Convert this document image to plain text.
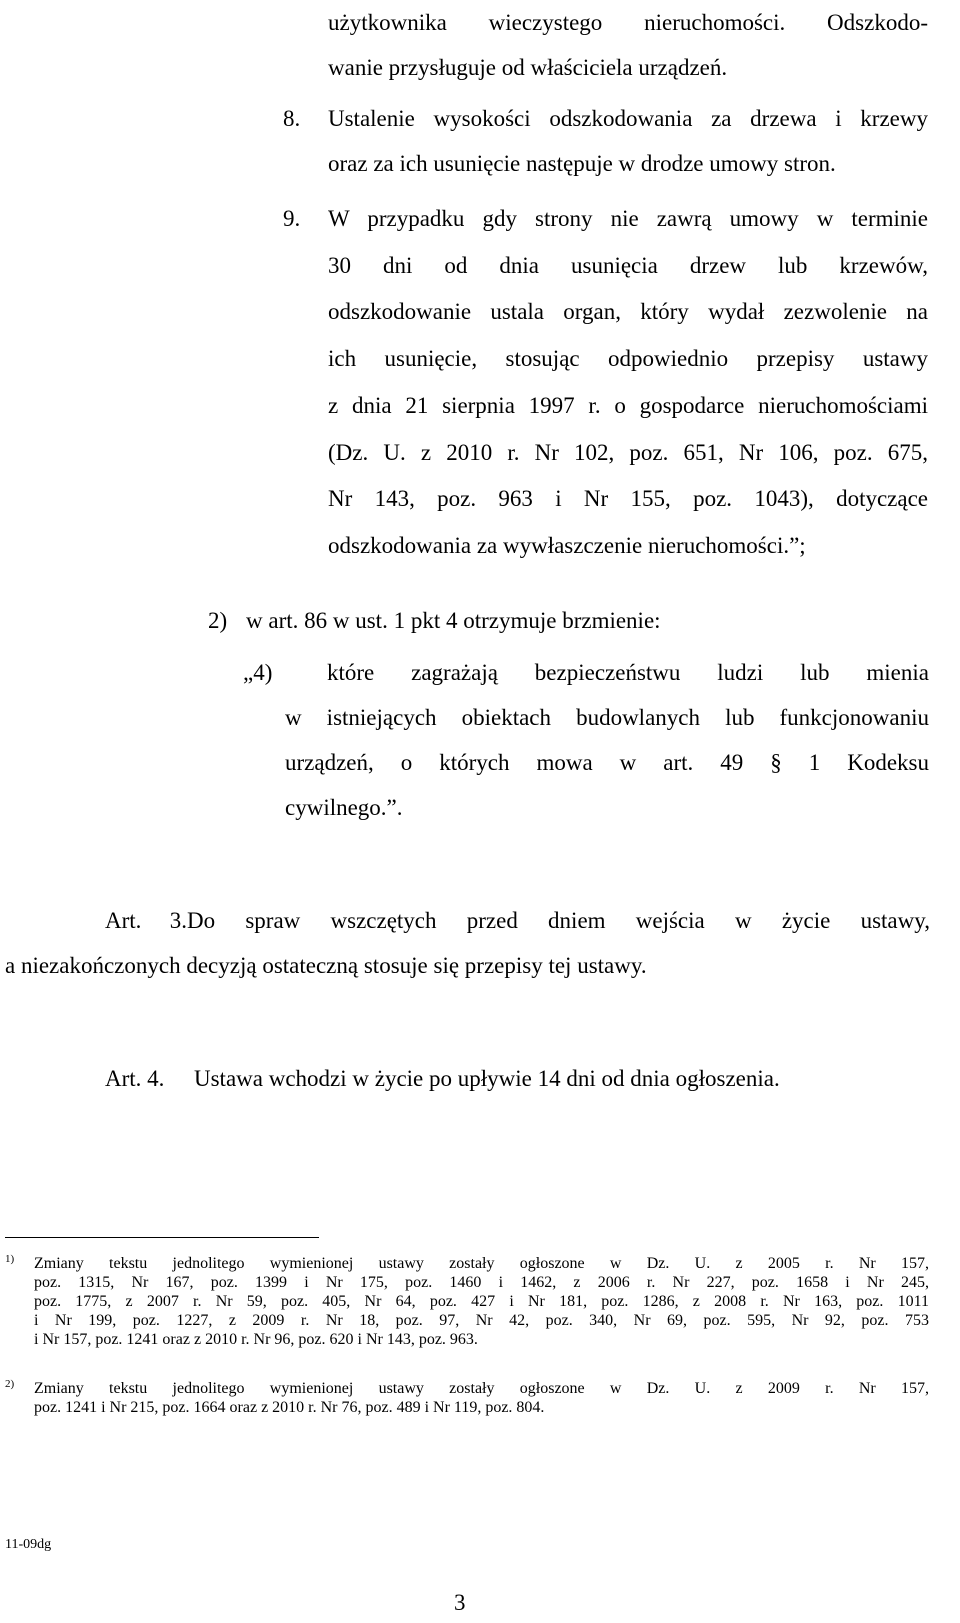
użytkownika wieczystego nieruchomości. Odszkodo-
wanie przysługuje od właściciela urządzeń.
8. Ustalenie wysokości odszkodowania za drzewa i krzewy
oraz za ich usunięcie następuje w drodze umowy stron.
9. W przypadku gdy strony nie zawrą umowy w terminie
30 dni od dnia usunięcia drzew lub krzewów,
odszkodowanie ustala organ, który wydał zezwolenie na
ich usunięcie, stosując odpowiednio przepisy ustawy
z dnia 21 sierpnia 1997 r. o gospodarce nieruchomościami
(Dz. U. z 2010 r. Nr 102, poz. 651, Nr 106, poz. 675,
Nr 143, poz. 963 i Nr 155, poz. 1043), dotyczące
odszkodowania za wywłaszczenie nieruchomości.”;
2) w art. 86 w ust. 1 pkt 4 otrzymuje brzmienie:
„4)	które zagrażają bezpieczeństwu ludzi lub mienia
w istniejących obiektach budowlanych lub funkcjonowaniu
urządzeń, o których mowa w art. 49 § 1 Kodeksu
cywilnego.”.
Art. 3.Do spraw wszczętych przed dniem wejścia w życie ustawy,
a niezakończonych decyzją ostateczną stosuje się przepisy tej ustawy.
Art. 4. Ustawa wchodzi w życie po upływie 14 dni od dnia ogłoszenia.
1) Zmiany tekstu jednolitego wymienionej ustawy zostały ogłoszone w Dz. U. z 2005 r. Nr 157,
poz. 1315, Nr 167, poz. 1399 i Nr 175, poz. 1460 i 1462, z 2006 r. Nr 227, poz. 1658 i Nr 245,
poz. 1775, z 2007 r. Nr 59, poz. 405, Nr 64, poz. 427 i Nr 181, poz. 1286, z 2008 r. Nr 163, poz. 1011
i Nr 199, poz. 1227, z 2009 r. Nr 18, poz. 97, Nr 42, poz. 340, Nr 69, poz. 595, Nr 92, poz. 753
i Nr 157, poz. 1241 oraz z 2010 r. Nr 96, poz. 620 i Nr 143, poz. 963.
2) Zmiany tekstu jednolitego wymienionej ustawy zostały ogłoszone w Dz. U. z 2009 r. Nr 157,
poz. 1241 i Nr 215, poz. 1664 oraz z 2010 r. Nr 76, poz. 489 i Nr 119, poz. 804.
11-09dg
3
